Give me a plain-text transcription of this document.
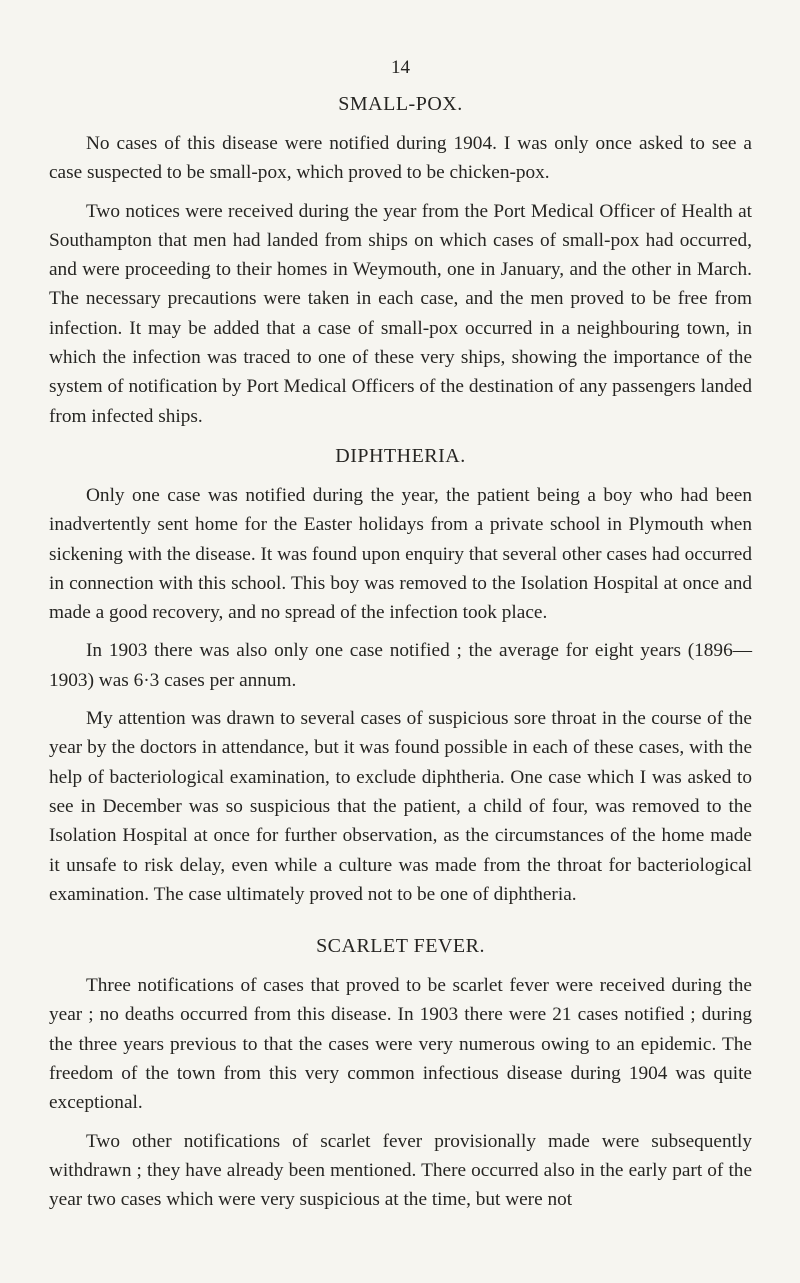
14
SMALL-POX.

No cases of this disease were notified during 1904. I was only once asked to see a case suspected to be small-pox, which proved to be chicken-pox.

Two notices were received during the year from the Port Medical Officer of Health at Southampton that men had landed from ships on which cases of small-pox had occurred, and were proceeding to their homes in Weymouth, one in January, and the other in March. The necessary precautions were taken in each case, and the men proved to be free from infection. It may be added that a case of small-pox occurred in a neighbouring town, in which the infection was traced to one of these very ships, showing the importance of the system of notification by Port Medical Officers of the destination of any passengers landed from infected ships.

DIPHTHERIA.

Only one case was notified during the year, the patient being a boy who had been inadvertently sent home for the Easter holidays from a private school in Plymouth when sickening with the disease. It was found upon enquiry that several other cases had occurred in connection with this school. This boy was removed to the Isolation Hospital at once and made a good recovery, and no spread of the infection took place.

In 1903 there was also only one case notified ; the average for eight years (1896—1903) was 6·3 cases per annum.

My attention was drawn to several cases of suspicious sore throat in the course of the year by the doctors in attendance, but it was found possible in each of these cases, with the help of bacteriological examination, to exclude diphtheria. One case which I was asked to see in December was so suspicious that the patient, a child of four, was removed to the Isolation Hospital at once for further observation, as the circumstances of the home made it unsafe to risk delay, even while a culture was made from the throat for bacteriological examination. The case ultimately proved not to be one of diphtheria.

SCARLET FEVER.

Three notifications of cases that proved to be scarlet fever were received during the year ; no deaths occurred from this disease. In 1903 there were 21 cases notified ; during the three years previous to that the cases were very numerous owing to an epidemic. The freedom of the town from this very common infectious disease during 1904 was quite exceptional.

Two other notifications of scarlet fever provisionally made were subsequently withdrawn ; they have already been mentioned. There occurred also in the early part of the year two cases which were very suspicious at the time, but were not
